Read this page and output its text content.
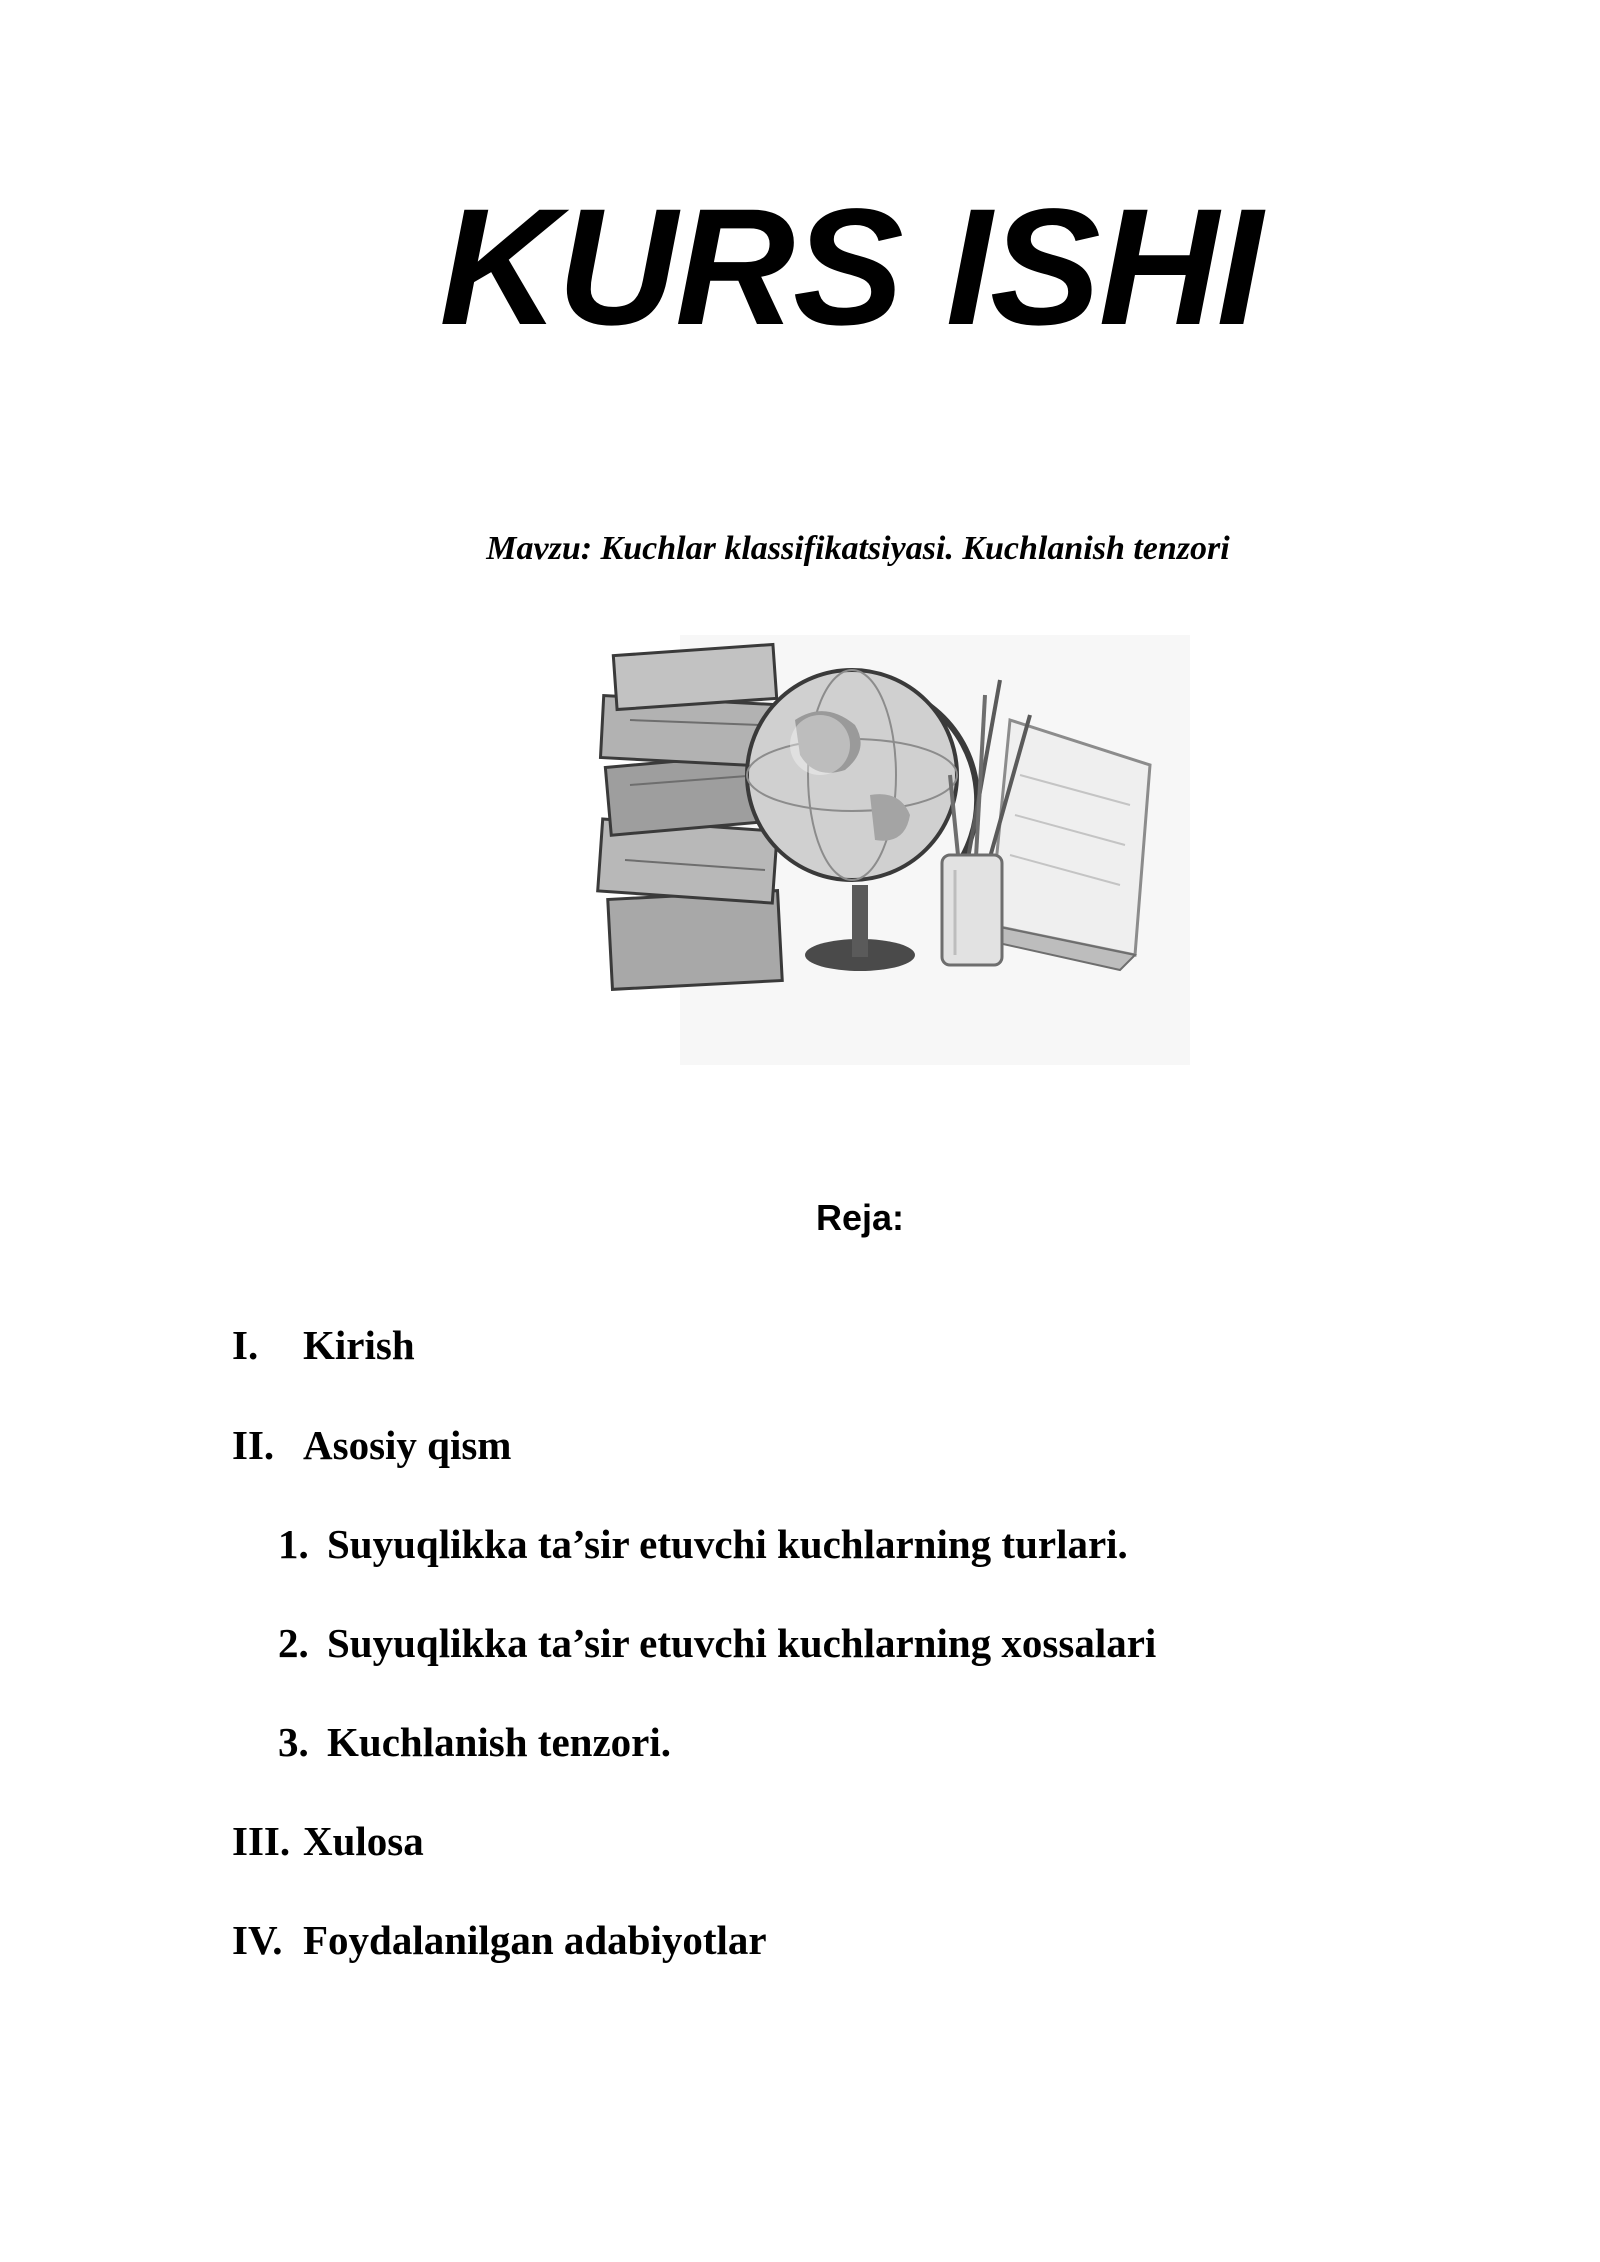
KURS ISHI
Mavzu: Kuchlar klassifikatsiyasi. Kuchlanish tenzori
Reja:
I. Kirish
II. Asosiy qism
1. Suyuqlikka ta’sir etuvchi kuchlarning turlari.
2. Suyuqlikka ta’sir etuvchi kuchlarning xossalari
3. Kuchlanish tenzori.
III. Xulosa
IV. Foydalanilgan adabiyotlar
